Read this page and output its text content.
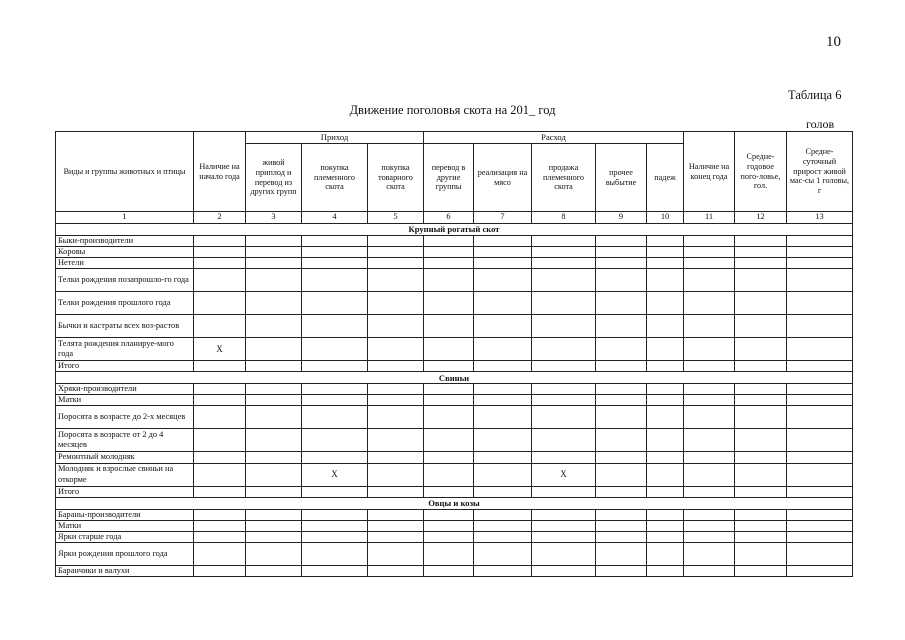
10
Таблица 6
Движение поголовья скота на 201_ год
голов
Виды и группы животных и птицы	Наличие на начало года	Приход			Расход					Наличие на конец года	Средне-годовое пого-ловье, гол.	Средне-суточный прирост живой мас-сы 1 головы, г
		живой приплод и перевод из других групп	покупка племенного скота	покупка товарного скота	перевод в другие группы	реализация на мясо	продажа племенного скота	прочее выбытие	падеж			
1	2	3	4	5	6	7	8	9	10	11	12	13
Крупный рогатый скот												
Быки-производители												
Коровы												
Нетели												
Телки рождения позапрошло-го года												
Телки рождения прошлого года												
Бычки и кастраты всех воз-растов												
Телята рождения планируе-мого года	Х											
Итого												
Свиньи												
Хряки-производители												
Матки												
Поросята в возрасте до 2-х месяцев												
Поросята в возрасте от 2 до 4 месяцев												
Ремонтный молодняк												
Молодняк и взрослые свиньи на откорме			Х				Х					
Итого												
Овцы и козы												
Бараны-производители												
Матки												
Ярки старше года												
Ярки рождения прошлого года												
Баранчики и валухи												
